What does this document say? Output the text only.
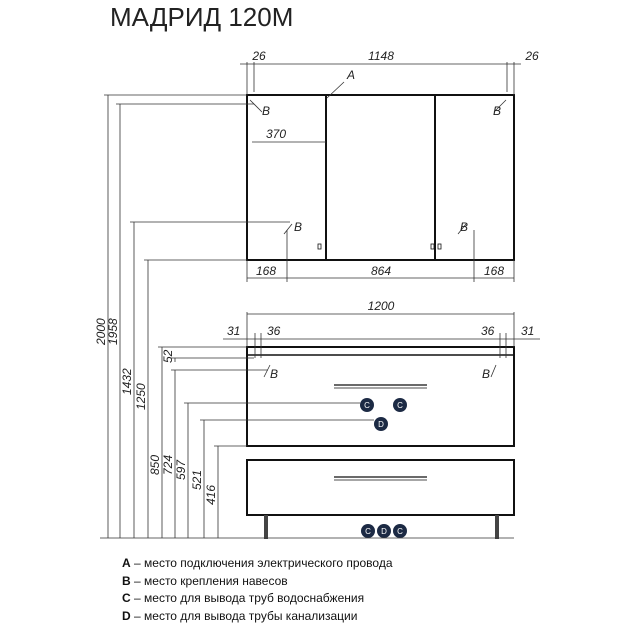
МАДРИД 120М
26	1148	26
A
370
168	864	168
B	B
B	B
1200
31 36	36 31
B	B
C	C
D
C D C
2000
1958
1432
1250
52
850 724 597 521
416
A – место подключения электрического провода
B – место крепления навесов
C – место для вывода труб водоснабжения
D – место для вывода трубы канализации
